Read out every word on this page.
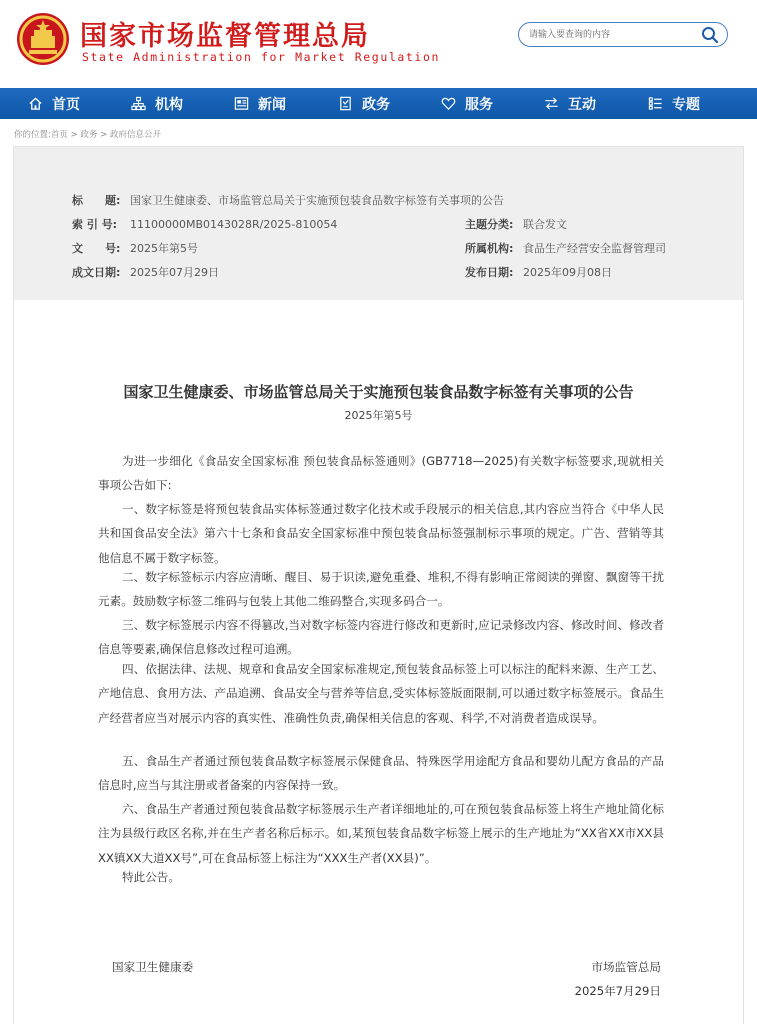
国家市场监督管理总局
State Administration for Market Regulation
请输入要查询的内容
首页	机构	新闻	政务	服务	互动	专题
你的位置:首页 > 政务 > 政府信息公开
标　　题: 国家卫生健康委、市场监管总局关于实施预包装食品数字标签有关事项的公告
索 引 号: 11100000MB0143028R/2025-810054	主题分类: 联合发文
文　　号: 2025年第5号	所属机构: 食品生产经营安全监督管理司
成文日期: 2025年07月29日	发布日期: 2025年09月08日
国家卫生健康委、市场监管总局关于实施预包装食品数字标签有关事项的公告
2025年第5号
为进一步细化《食品安全国家标准 预包装食品标签通则》(GB7718—2025)有关数字标签要求,现就相关事项公告如下:
一、数字标签是将预包装食品实体标签通过数字化技术或手段展示的相关信息,其内容应当符合《中华人民共和国食品安全法》第六十七条和食品安全国家标准中预包装食品标签强制标示事项的规定。广告、营销等其他信息不属于数字标签。
二、数字标签标示内容应清晰、醒目、易于识读,避免重叠、堆积,不得有影响正常阅读的弹窗、飘窗等干扰元素。鼓励数字标签二维码与包装上其他二维码整合,实现多码合一。
三、数字标签展示内容不得篡改,当对数字标签内容进行修改和更新时,应记录修改内容、修改时间、修改者信息等要素,确保信息修改过程可追溯。
四、依据法律、法规、规章和食品安全国家标准规定,预包装食品标签上可以标注的配料来源、生产工艺、产地信息、食用方法、产品追溯、食品安全与营养等信息,受实体标签版面限制,可以通过数字标签展示。食品生产经营者应当对展示内容的真实性、准确性负责,确保相关信息的客观、科学,不对消费者造成误导。
五、食品生产者通过预包装食品数字标签展示保健食品、特殊医学用途配方食品和婴幼儿配方食品的产品信息时,应当与其注册或者备案的内容保持一致。
六、食品生产者通过预包装食品数字标签展示生产者详细地址的,可在预包装食品标签上将生产地址简化标注为县级行政区名称,并在生产者名称后标示。如,某预包装食品数字标签上展示的生产地址为“XX省XX市XX县XX镇XX大道XX号”,可在食品标签上标注为“XXX生产者(XX县)”。
特此公告。
国家卫生健康委	市场监管总局
2025年7月29日
